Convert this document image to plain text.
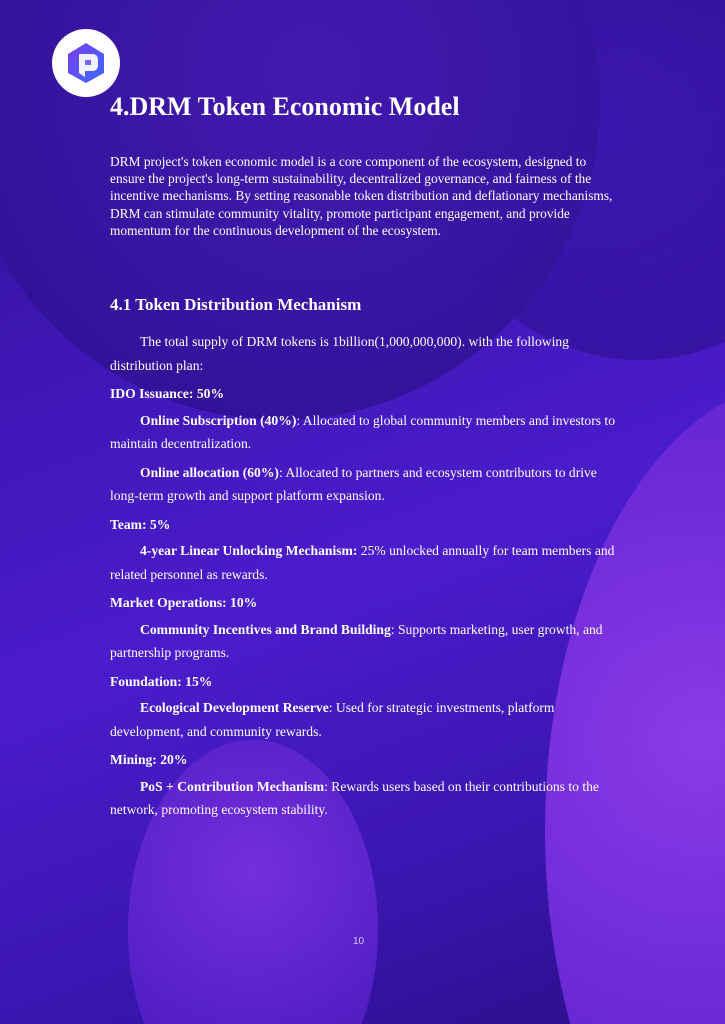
4.DRM Token Economic Model

DRM project's token economic model is a core component of the ecosystem, designed to ensure the project's long-term sustainability, decentralized governance, and fairness of the incentive mechanisms. By setting reasonable token distribution and deflationary mechanisms, DRM can stimulate community vitality, promote participant engagement, and provide momentum for the continuous development of the ecosystem.

4.1 Token Distribution Mechanism

The total supply of DRM tokens is 1billion(1,000,000,000). with the following distribution plan:

IDO Issuance: 50%

Online Subscription (40%): Allocated to global community members and investors to maintain decentralization.

Online allocation (60%): Allocated to partners and ecosystem contributors to drive long-term growth and support platform expansion.

Team: 5%

4-year Linear Unlocking Mechanism: 25% unlocked annually for team members and related personnel as rewards.

Market Operations: 10%

Community Incentives and Brand Building: Supports marketing, user growth, and partnership programs.

Foundation: 15%

Ecological Development Reserve: Used for strategic investments, platform development, and community rewards.

Mining: 20%

PoS + Contribution Mechanism: Rewards users based on their contributions to the network, promoting ecosystem stability.

10
